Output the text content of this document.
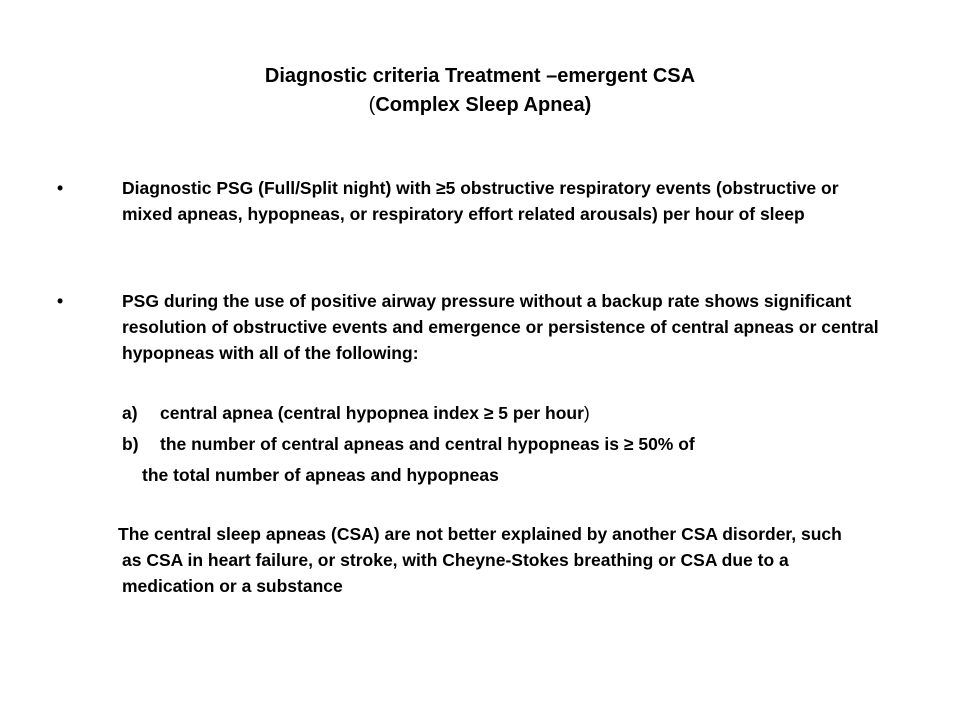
Diagnostic criteria Treatment –emergent CSA
(Complex Sleep Apnea)
•	Diagnostic PSG (Full/Split night) with ≥5 obstructive respiratory events (obstructive or mixed apneas, hypopneas, or respiratory effort related arousals) per hour of sleep
•	PSG during the use of positive airway pressure without a backup rate shows significant resolution of obstructive events and emergence or persistence of central apneas or central hypopneas with all of the following:
a) central apnea (central hypopnea index ≥ 5 per hour)
b) the number of central apneas and central hypopneas is ≥ 50% of
the total number of apneas and hypopneas
The central sleep apneas (CSA) are not better explained by another CSA disorder, such as CSA in heart failure, or stroke, with Cheyne-Stokes breathing or CSA due to a medication or a substance
